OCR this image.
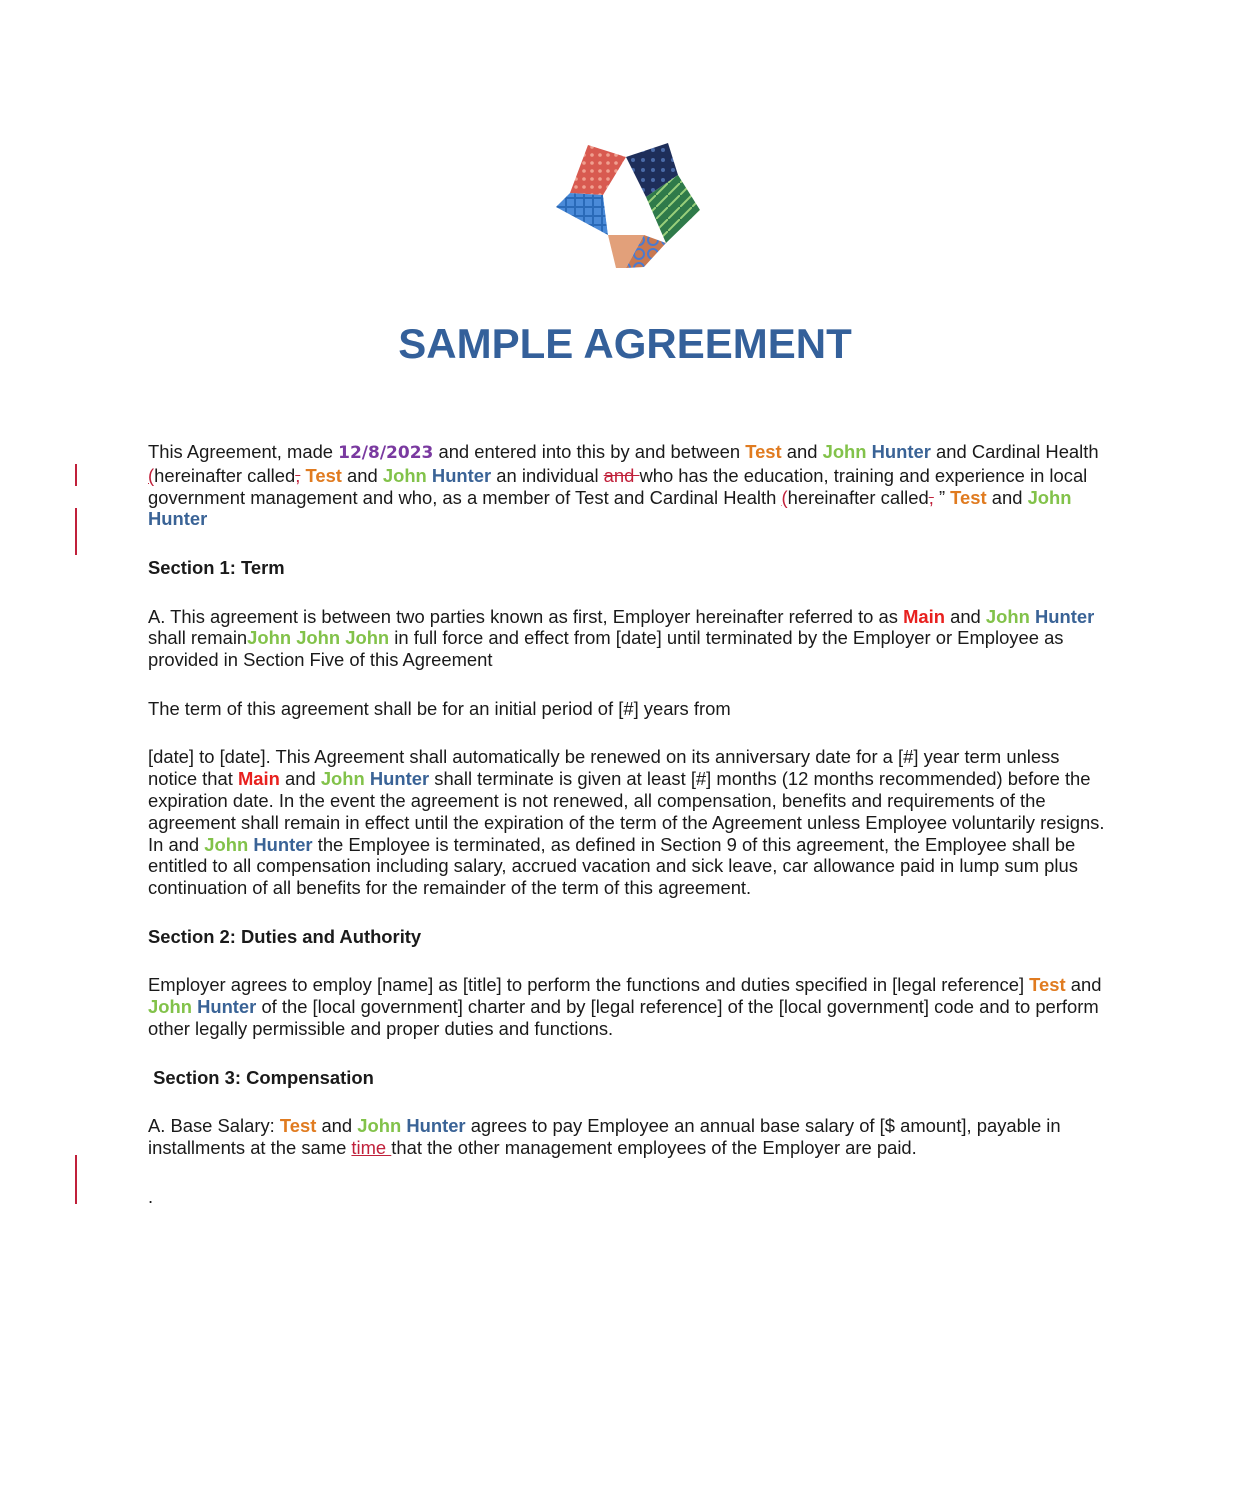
SAMPLE AGREEMENT

This Agreement, made 12/8/2023 and entered into this by and between Test and John Hunter and Cardinal Health (hereinafter called, Test and John Hunter an individual and who has the education, training and experience in local government management and who, as a member of Test and Cardinal Health (hereinafter called, ” Test and John Hunter

Section 1: Term

A. This agreement is between two parties known as first, Employer hereinafter referred to as Main and John Hunter shall remainJohn John John in full force and effect from [date] until terminated by the Employer or Employee as provided in Section Five of this Agreement

The term of this agreement shall be for an initial period of [#] years from

[date] to [date]. This Agreement shall automatically be renewed on its anniversary date for a [#] year term unless notice that Main and John Hunter shall terminate is given at least [#] months (12 months recommended) before the expiration date. In the event the agreement is not renewed, all compensation, benefits and requirements of the agreement shall remain in effect until the expiration of the term of the Agreement unless Employee voluntarily resigns. In and John Hunter the Employee is terminated, as defined in Section 9 of this agreement, the Employee shall be entitled to all compensation including salary, accrued vacation and sick leave, car allowance paid in lump sum plus continuation of all benefits for the remainder of the term of this agreement.

Section 2: Duties and Authority

Employer agrees to employ [name] as [title] to perform the functions and duties specified in [legal reference] Test and John Hunter of the [local government] charter and by [legal reference] of the [local government] code and to perform other legally permissible and proper duties and functions.

Section 3: Compensation

A. Base Salary: Test and John Hunter agrees to pay Employee an annual base salary of [$ amount], payable in installments at the same time that the other management employees of the Employer are paid.

.
